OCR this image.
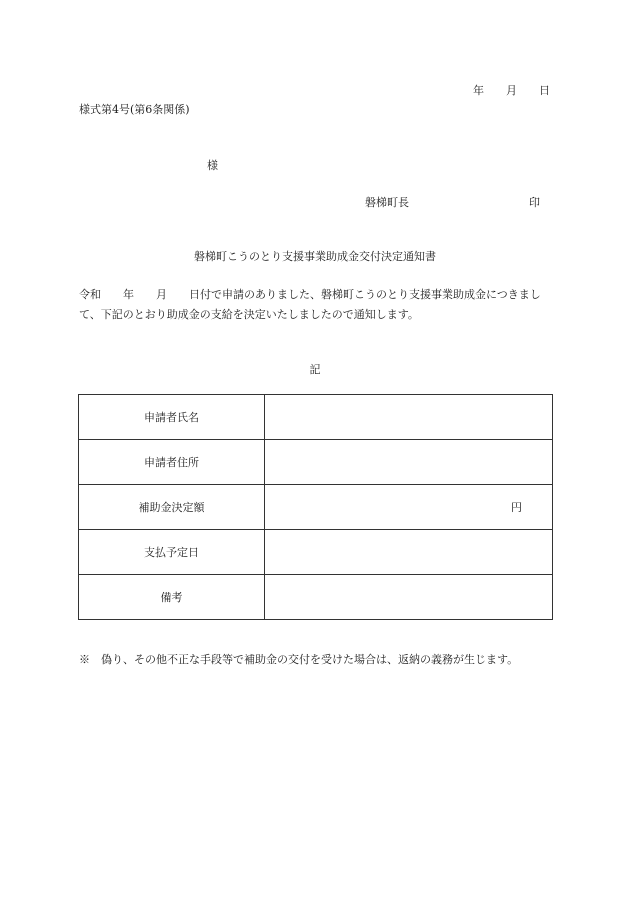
年 月 日
様式第4号(第6条関係)
様
磐梯町長	印
磐梯町こうのとり支援事業助成金交付決定通知書
令和　　年　　月　　日付で申請のありました、磐梯町こうのとり支援事業助成金につきまして、下記のとおり助成金の支給を決定いたしましたので通知します。
記
申請者氏名	
申請者住所	
補助金決定額	円
支払予定日	
備考	
※　偽り、その他不正な手段等で補助金の交付を受けた場合は、返納の義務が生じます。
